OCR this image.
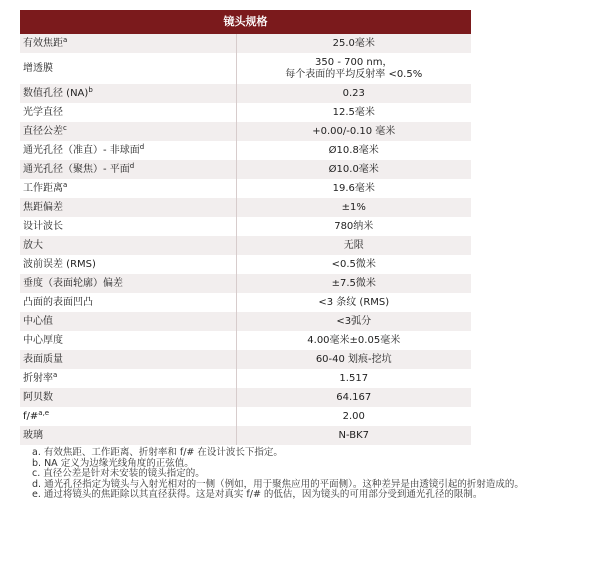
镜头规格	
有效焦距$^a$	25.0毫米

增透膜	350 - 700 nm，
每个表面的平均反射率 <0.5%

数值孔径 (NA)$^b$	0.23

光学直径	12.5毫米

直径公差$^c$	+0.00/-0.10 毫米

通光孔径（准直）- 非球面$^d$	Ø10.8毫米

通光孔径（聚焦）- 平面$^d$	Ø10.0毫米

工作距离$^a$	19.6毫米

焦距偏差	±1%

设计波长	780纳米

放大	无限

波前误差 (RMS)	<0.5微米

垂度（表面轮廓）偏差	±7.5微米

凸面的表面凹凸	<3 条纹 (RMS)

中心值	<3弧分

中心厚度	4.00毫米±0.05毫米

表面质量	60-40 划痕-挖坑

折射率$^a$	1.517

阿贝数	64.167

f/#$^{a,e}$	2.00

玻璃	N-BK7
a. 有效焦距、工作距离、折射率和 f/# 在设计波长下指定。
b. NA 定义为边缘光线角度的正弦值。
c. 直径公差是针对未安装的镜头指定的。
d. 通光孔径指定为镜头与入射光相对的一侧（例如，用于聚焦应用的平面侧）。这种差异是由透镜引起的折射造成的。
e. 通过将镜头的焦距除以其直径获得。这是对真实 f/# 的低估，因为镜头的可用部分受到通光孔径的限制。
